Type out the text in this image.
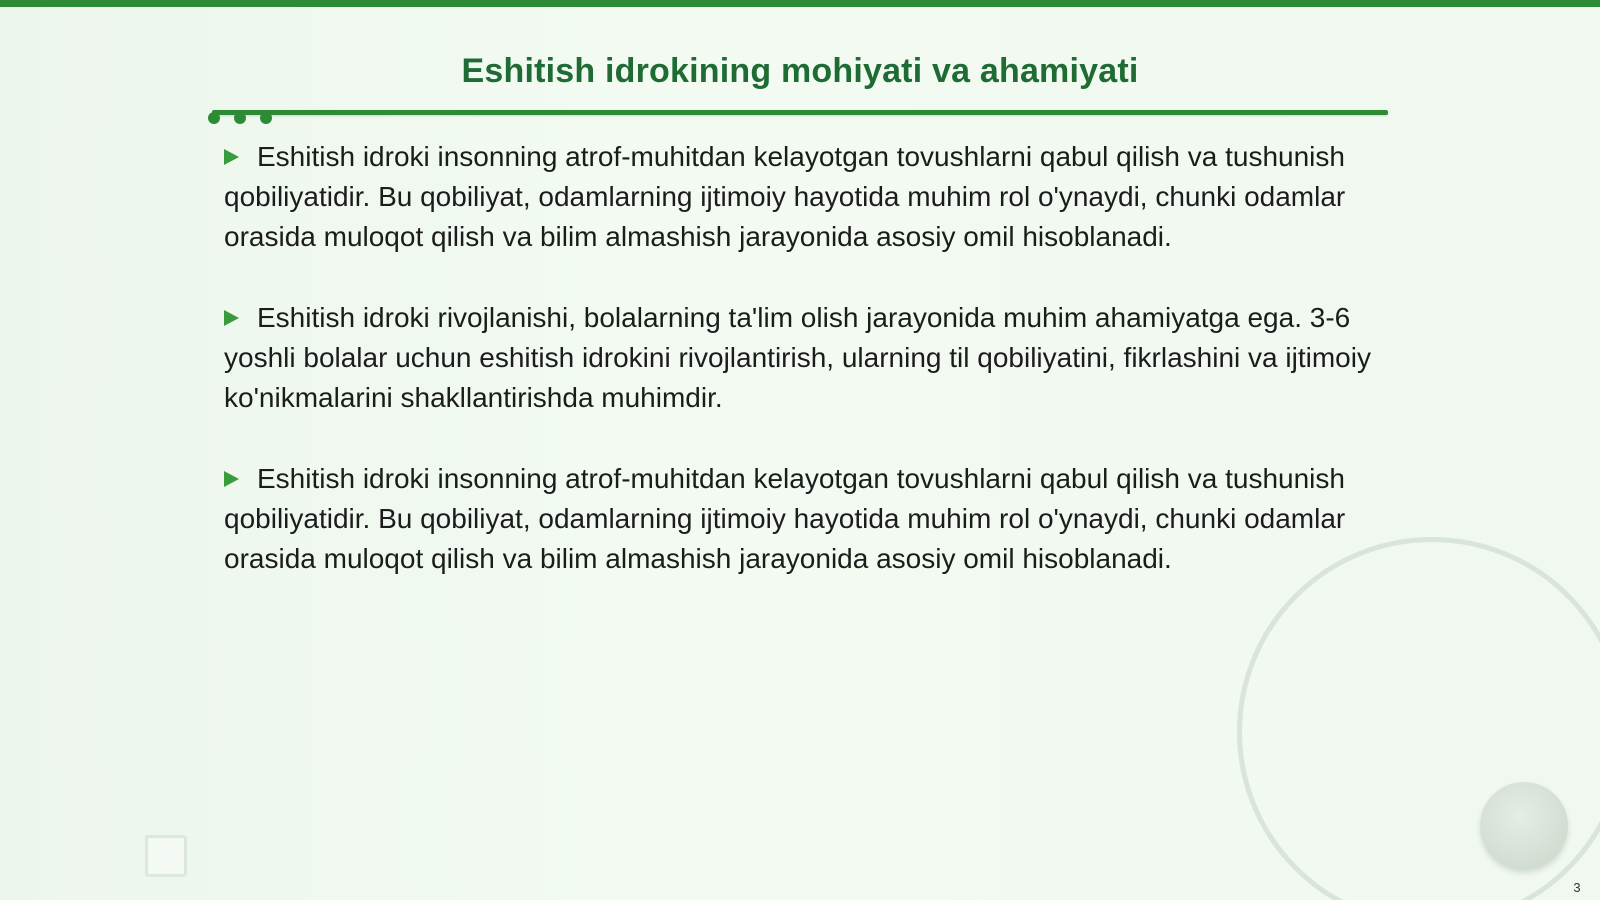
Eshitish idrokining mohiyati va ahamiyati

Eshitish idroki insonning atrof-muhitdan kelayotgan tovushlarni qabul qilish va tushunish qobiliyatidir. Bu qobiliyat, odamlarning ijtimoiy hayotida muhim rol o'ynaydi, chunki odamlar orasida muloqot qilish va bilim almashish jarayonida asosiy omil hisoblanadi.

Eshitish idroki rivojlanishi, bolalarning ta'lim olish jarayonida muhim ahamiyatga ega. 3-6 yoshli bolalar uchun eshitish idrokini rivojlantirish, ularning til qobiliyatini, fikrlashini va ijtimoiy ko'nikmalarini shakllantirishda muhimdir.

Eshitish idroki insonning atrof-muhitdan kelayotgan tovushlarni qabul qilish va tushunish qobiliyatidir. Bu qobiliyat, odamlarning ijtimoiy hayotida muhim rol o'ynaydi, chunki odamlar orasida muloqot qilish va bilim almashish jarayonida asosiy omil hisoblanadi.

3
